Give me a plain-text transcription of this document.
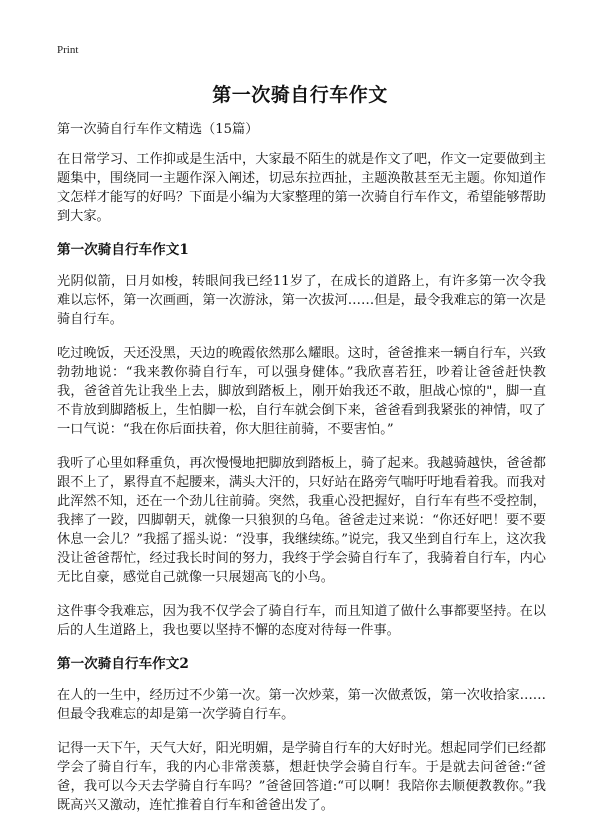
Print
第一次骑自行车作文

第一次骑自行车作文精选（15篇）

在日常学习、工作抑或是生活中，大家最不陌生的就是作文了吧，作文一定要做到主题集中，围绕同一主题作深入阐述，切忌东拉西扯，主题涣散甚至无主题。你知道作文怎样才能写的好吗？下面是小编为大家整理的第一次骑自行车作文，希望能够帮助到大家。

第一次骑自行车作文1

光阴似箭，日月如梭，转眼间我已经11岁了，在成长的道路上，有许多第一次令我难以忘怀，第一次画画，第一次游泳，第一次拔河……但是，最令我难忘的第一次是骑自行车。

吃过晚饭，天还没黑，天边的晚霞依然那么耀眼。这时，爸爸推来一辆自行车，兴致勃勃地说：“我来教你骑自行车，可以强身健体。”我欣喜若狂，吵着让爸爸赶快教我，爸爸首先让我坐上去，脚放到踏板上，刚开始我还不敢，胆战心惊的"，脚一直不肯放到脚踏板上，生怕脚一松，自行车就会倒下来，爸爸看到我紧张的神情，叹了一口气说：“我在你后面扶着，你大胆往前骑，不要害怕。”

我听了心里如释重负，再次慢慢地把脚放到踏板上，骑了起来。我越骑越快，爸爸都跟不上了，累得直不起腰来，满头大汗的，只好站在路旁气喘吁吁地看着我。而我对此浑然不知，还在一个劲儿往前骑。突然，我重心没把握好，自行车有些不受控制，我摔了一跤，四脚朝天，就像一只狼狈的乌龟。爸爸走过来说：“你还好吧！要不要休息一会儿？”我摇了摇头说：“没事，我继续练。”说完，我又坐到自行车上，这次我没让爸爸帮忙，经过我长时间的努力，我终于学会骑自行车了，我骑着自行车，内心无比自豪，感觉自己就像一只展翅高飞的小鸟。

这件事令我难忘，因为我不仅学会了骑自行车，而且知道了做什么事都要坚持。在以后的人生道路上，我也要以坚持不懈的态度对待每一件事。

第一次骑自行车作文2

在人的一生中，经历过不少第一次。第一次炒菜，第一次做煮饭，第一次收拾家……但最令我难忘的却是第一次学骑自行车。

记得一天下午，天气大好，阳光明媚，是学骑自行车的大好时光。想起同学们已经都学会了骑自行车，我的内心非常羡慕，想赶快学会骑自行车。于是就去问爸爸:“爸爸，我可以今天去学骑自行车吗？”爸爸回答道:“可以啊！我陪你去顺便教教你。”我既高兴又激动，连忙推着自行车和爸爸出发了。
